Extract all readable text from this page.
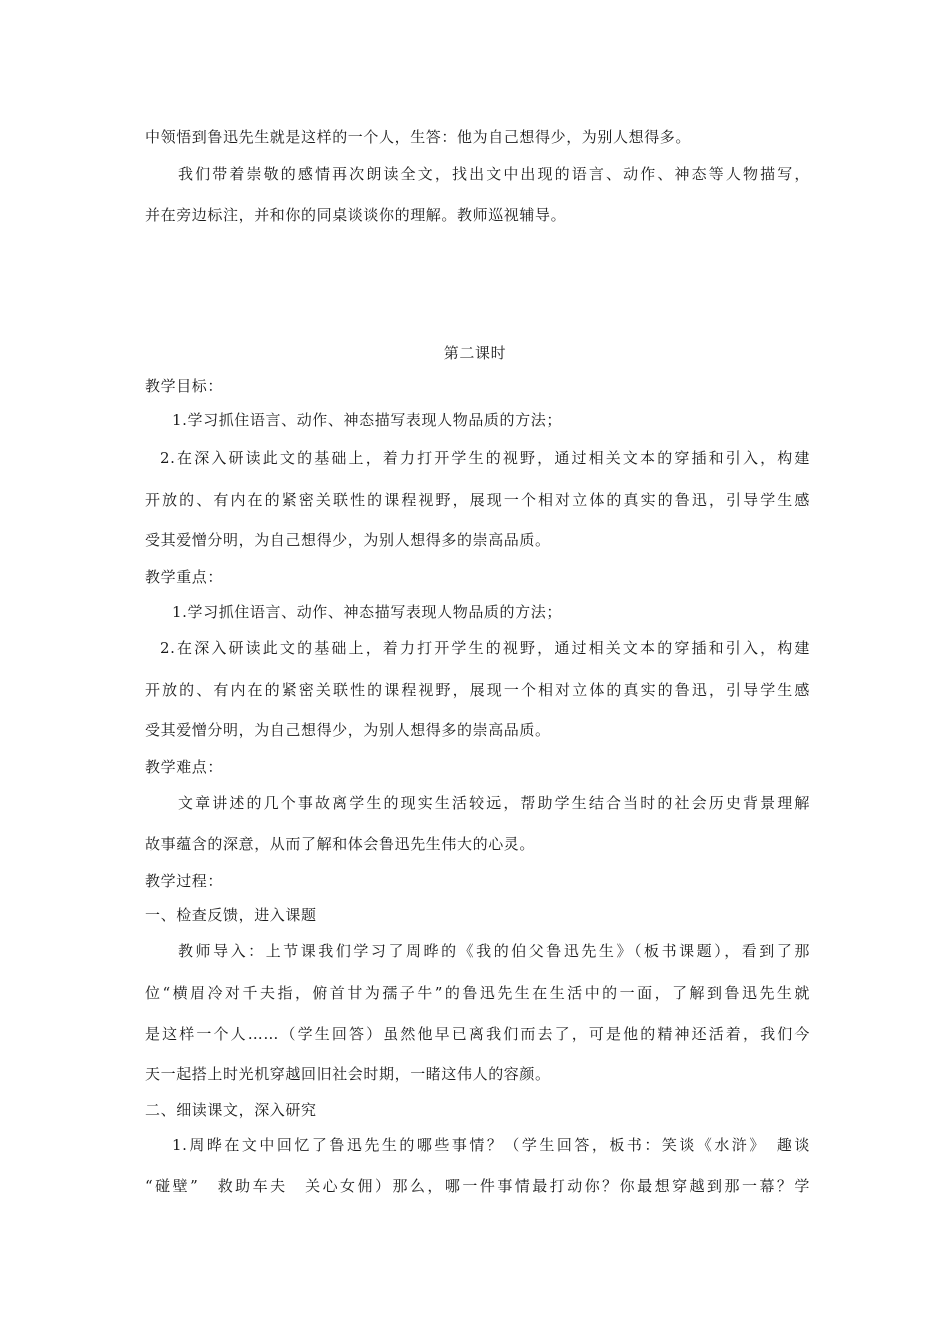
中领悟到鲁迅先生就是这样的一个人，生答：他为自己想得少，为别人想得多。
我们带着崇敬的感情再次朗读全文，找出文中出现的语言、动作、神态等人物描写，
并在旁边标注，并和你的同桌谈谈你的理解。教师巡视辅导。
第二课时
教学目标：
1.学习抓住语言、动作、神态描写表现人物品质的方法；
2.在深入研读此文的基础上，着力打开学生的视野，通过相关文本的穿插和引入，构建
开放的、有内在的紧密关联性的课程视野，展现一个相对立体的真实的鲁迅，引导学生感
受其爱憎分明，为自己想得少，为别人想得多的崇高品质。
教学重点：
1.学习抓住语言、动作、神态描写表现人物品质的方法；
2.在深入研读此文的基础上，着力打开学生的视野，通过相关文本的穿插和引入，构建
开放的、有内在的紧密关联性的课程视野，展现一个相对立体的真实的鲁迅，引导学生感
受其爱憎分明，为自己想得少，为别人想得多的崇高品质。
教学难点：
文章讲述的几个事故离学生的现实生活较远，帮助学生结合当时的社会历史背景理解
故事蕴含的深意，从而了解和体会鲁迅先生伟大的心灵。
教学过程：
一、检查反馈，进入课题
教师导入：上节课我们学习了周晔的《我的伯父鲁迅先生》（板书课题），看到了那
位“横眉冷对千夫指，俯首甘为孺子牛”的鲁迅先生在生活中的一面，了解到鲁迅先生就
是这样一个人……（学生回答）虽然他早已离我们而去了，可是他的精神还活着，我们今
天一起搭上时光机穿越回旧社会时期，一睹这伟人的容颜。
二、细读课文，深入研究
1.周晔在文中回忆了鲁迅先生的哪些事情？（学生回答，板书：笑谈《水浒》　趣谈
“碰壁”　救助车夫　关心女佣）那么，哪一件事情最打动你？你最想穿越到那一幕？学
